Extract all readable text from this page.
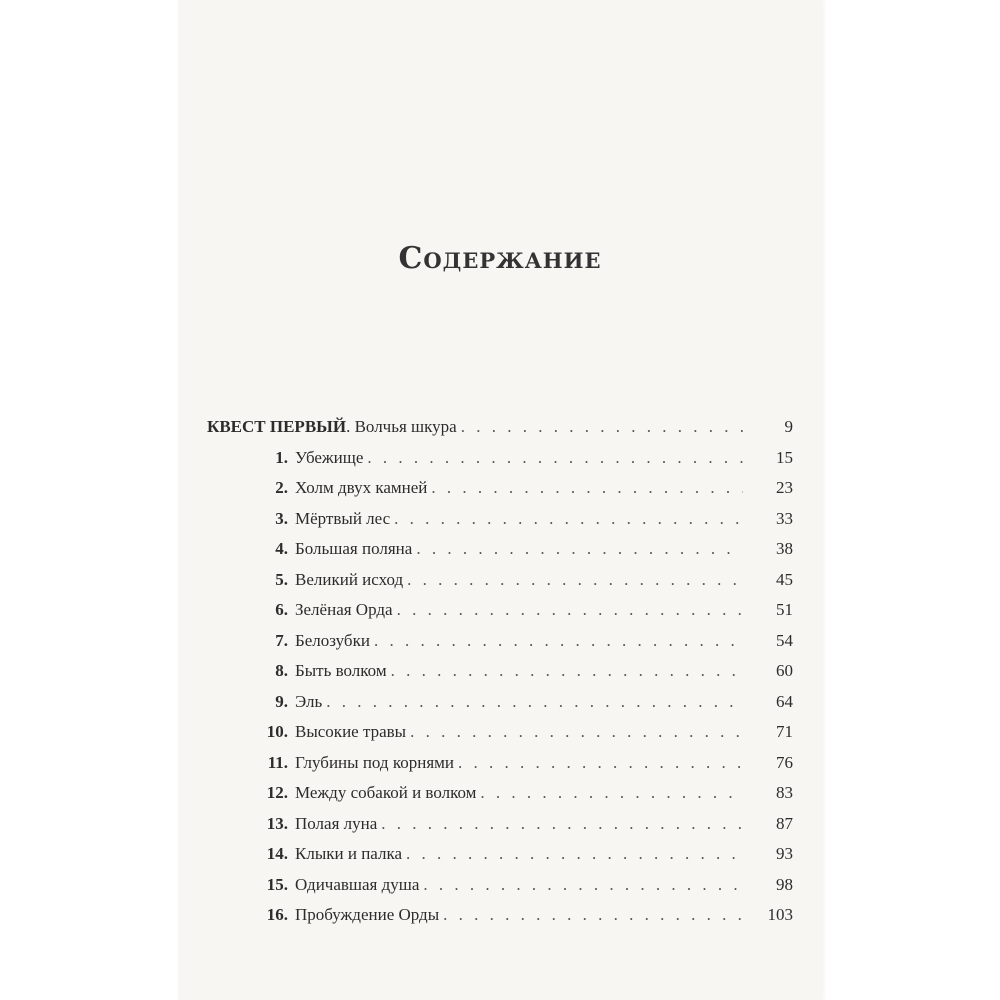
Содержание
КВЕСТ ПЕРВЫЙ . Волчья шкура . . .	9
1. Убежище . . .	15
2. Холм двух камней . . .	23
3. Мёртвый лес . . .	33
4. Большая поляна . . .	38
5. Великий исход . . .	45
6. Зелёная Орда . . .	51
7. Белозубки . . .	54
8. Быть волком . . .	60
9. Эль . . .	64
10. Высокие травы . . .	71
11. Глубины под корнями . . .	76
12. Между собакой и волком . . .	83
13. Полая луна . . .	87
14. Клыки и палка . . .	93
15. Одичавшая душа . . .	98
16. Пробуждение Орды . . .	103
